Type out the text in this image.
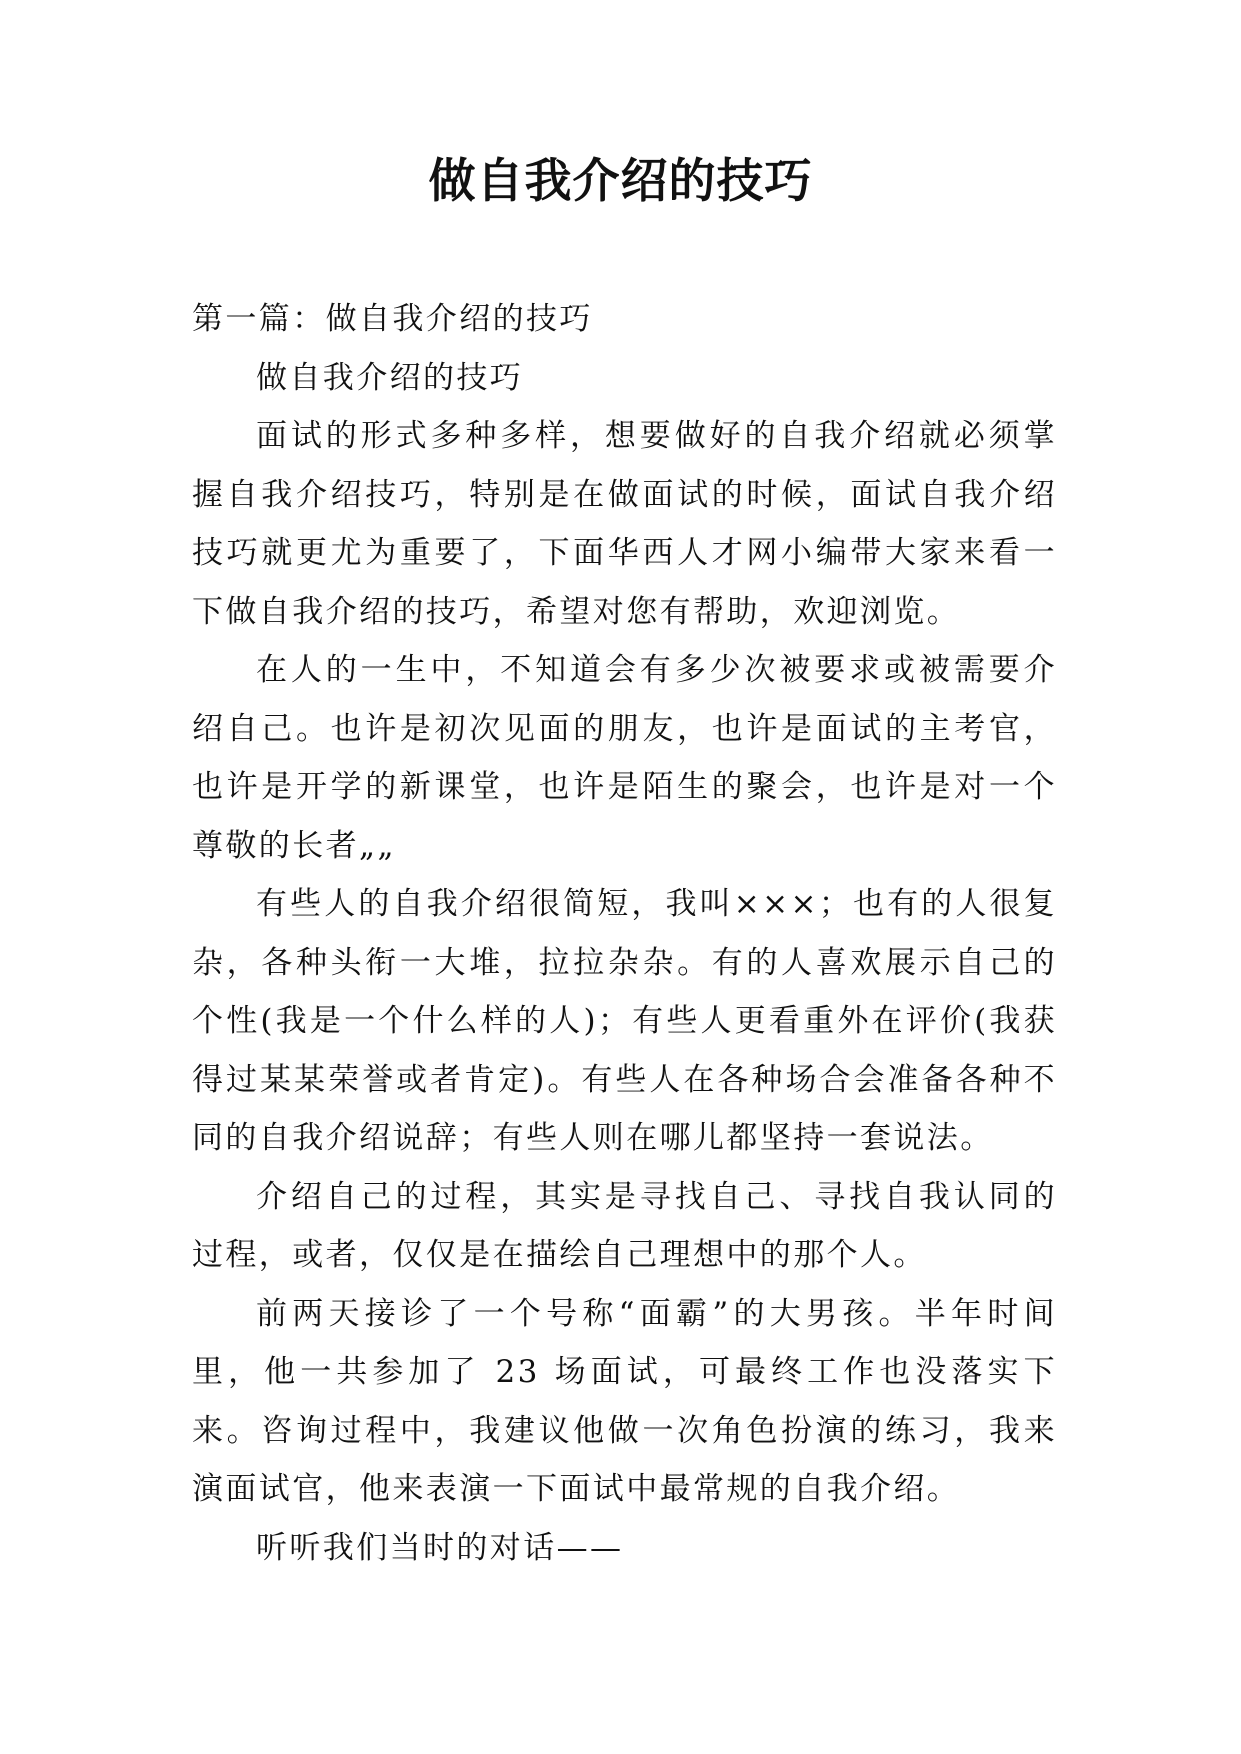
做自我介绍的技巧

第一篇：做自我介绍的技巧

做自我介绍的技巧

面试的形式多种多样，想要做好的自我介绍就必须掌握自我介绍技巧，特别是在做面试的时候，面试自我介绍技巧就更尤为重要了，下面华西人才网小编带大家来看一下做自我介绍的技巧，希望对您有帮助，欢迎浏览。

在人的一生中，不知道会有多少次被要求或被需要介绍自己。也许是初次见面的朋友，也许是面试的主考官，也许是开学的新课堂，也许是陌生的聚会，也许是对一个尊敬的长者„„

有些人的自我介绍很简短，我叫×××；也有的人很复杂，各种头衔一大堆，拉拉杂杂。有的人喜欢展示自己的个性(我是一个什么样的人)；有些人更看重外在评价(我获得过某某荣誉或者肯定)。有些人在各种场合会准备各种不同的自我介绍说辞；有些人则在哪儿都坚持一套说法。

介绍自己的过程，其实是寻找自己、寻找自我认同的过程，或者，仅仅是在描绘自己理想中的那个人。

前两天接诊了一个号称“面霸”的大男孩。半年时间里，他一共参加了 23 场面试，可最终工作也没落实下来。咨询过程中，我建议他做一次角色扮演的练习，我来演面试官，他来表演一下面试中最常规的自我介绍。

听听我们当时的对话——
